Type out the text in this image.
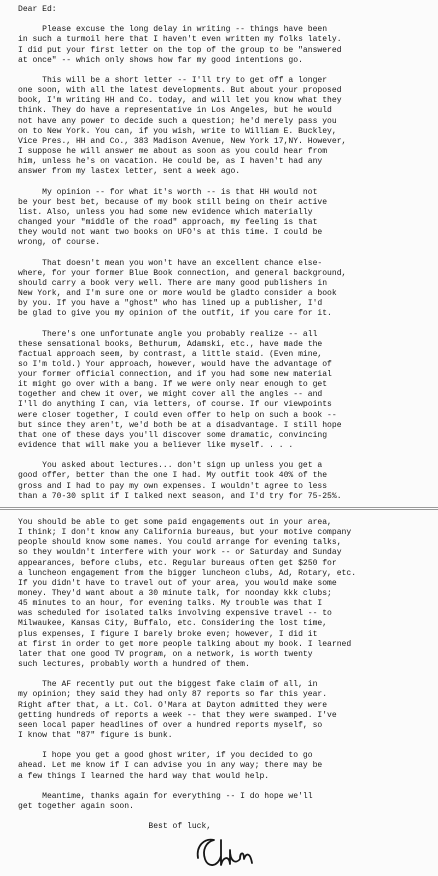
Dear Ed:
Please excuse the long delay in writing -- things have been
in such a turmoil here that I haven't even written my folks lately.
I did put your first letter on the top of the group to be "answered
at once" -- which only shows how far my good intentions go.
This will be a short letter -- I'll try to get off a longer
one soon, with all the latest developments. But about your proposed
book, I'm writing HH and Co. today, and will let you know what they
think. They do have a representative in Los Angeles, but he would
not have any power to decide such a question; he'd merely pass you
on to New York. You can, if you wish, write to William E. Buckley,
Vice Pres., HH and Co., 383 Madison Avenue, New York 17,NY. However,
I suppose he will answer me about as soon as you could hear from
him, unless he's on vacation. He could be, as I haven't had any
answer from my lastex letter, sent a week ago.
My opinion -- for what it's worth -- is that HH would not
be your best bet, because of my book still being on their active
list. Also, unless you had some new evidence which materially
changed your "middle of the road" approach, my feeling is that
they would not want two books on UFO's at this time. I could be
wrong, of course.
That doesn't mean you won't have an excellent chance else-
where, for your former Blue Book connection, and general background,
should carry a book very well. There are many good publishers in
New York, and I'm sure one or more would be gladto consider a book
by you. If you have a "ghost" who has lined up a publisher, I'd
be glad to give you my opinion of the outfit, if you care for it.
There's one unfortunate angle you probably realize -- all
these sensational books, Bethurum, Adamski, etc., have made the
factual approach seem, by contrast, a little staid. (Even mine,
so I'm told.) Your approach, however, would have the advantage of
your former official connection, and if you had some new material
it might go over with a bang. If we were only near enough to get
together and chew it over, we might cover all the angles -- and
I'll do anything I can, via letters, of course. If our viewpoints
were closer together, I could even offer to help on such a book --
but since they aren't, we'd both be at a disadvantage. I still hope
that one of these days you'll discover some dramatic, convincing
evidence that will make you a believer like myself. . . .
You asked about lectures... don't sign up unless you get a
good offer, better than the one I had. My outfit took 40% of the
gross and I had to pay my own expenses. I wouldn't agree to less
than a 70-30 split if I talked next season, and I'd try for 75-25%.
You should be able to get some paid engagements out in your area,
I think; I don't know any California bureaus, but your motive company
people should know some names. You could arrange for evening talks,
so they wouldn't interfere with your work -- or Saturday and Sunday
appearances, before clubs, etc. Regular bureaus often get $250 for
a luncheon engagement from the bigger luncheon clubs, Ad, Rotary, etc.
If you didn't have to travel out of your area, you would make some
money. They'd want about a 30 minute talk, for noonday kkk clubs;
45 minutes to an hour, for evening talks. My trouble was that I
was scheduled for isolated talks involving expensive travel -- to
Milwaukee, Kansas City, Buffalo, etc. Considering the lost time,
plus expenses, I figure I barely broke even; however, I did it
at first in order to get more people talking about my book. I learned
later that one good TV program, on a network, is worth twenty
such lectures, probably worth a hundred of them.
The AF recently put out the biggest fake claim of all, in
my opinion; they said they had only 87 reports so far this year.
Right after that, a Lt. Col. O'Mara at Dayton admitted they were
getting hundreds of reports a week -- that they were swamped. I've
seen local paper headlines of over a hundred reports myself, so
I know that "87" figure is bunk.
I hope you get a good ghost writer, if you decided to go
ahead. Let me know if I can advise you in any way; there may be
a few things I learned the hard way that would help.
Meantime, thanks again for everything -- I do hope we'll
get together again soon.
Best of luck,
